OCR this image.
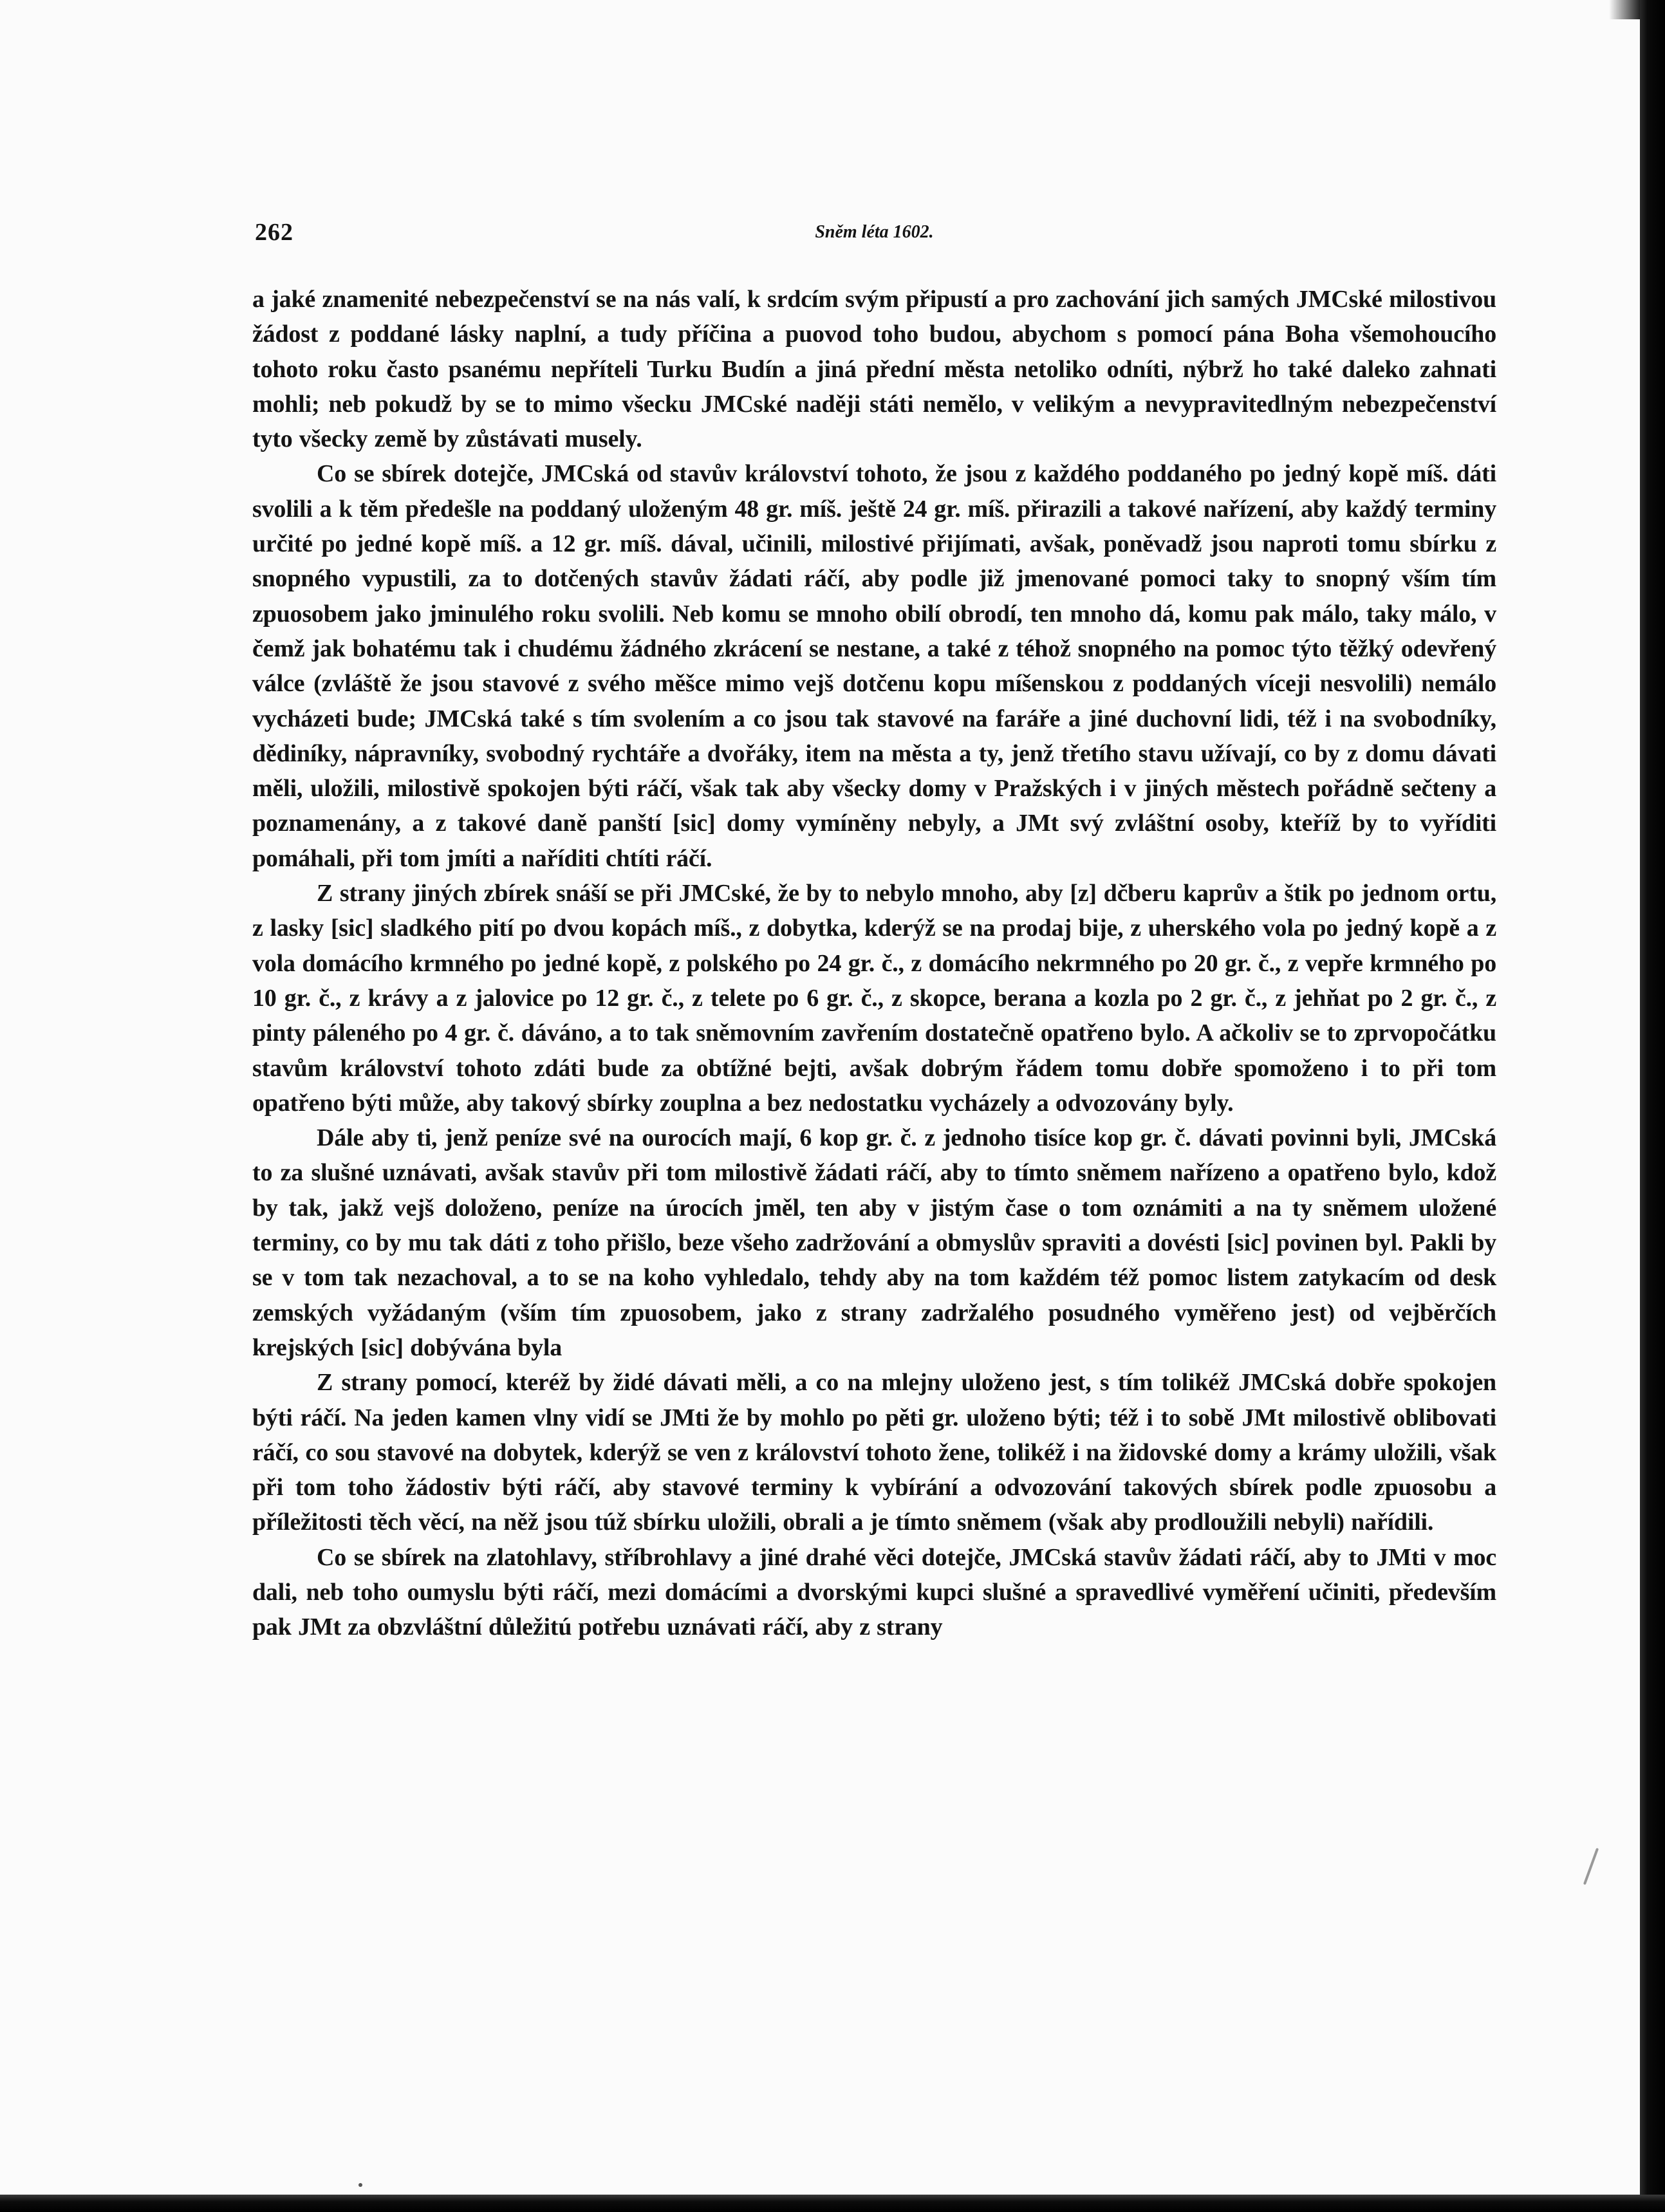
262	Sněm léta 1602.

a jaké znamenité nebezpečenství se na nás valí, k srdcím svým připustí a pro zachování jich samých JMCské milostivou žádost z poddané lásky naplní, a tudy příčina a puovod toho budou, abychom s pomocí pána Boha všemohoucího tohoto roku často psanému nepříteli Turku Budín a jiná přední města netoliko odníti, nýbrž ho také daleko zahnati mohli; neb pokudž by se to mimo všecku JMCské naději státi nemělo, v velikým a nevypravitedlným nebezpečenství tyto všecky země by zůstávati musely.

Co se sbírek dotejče, JMCská od stavův království tohoto, že jsou z každého poddaného po jedný kopě míš. dáti svolili a k těm předešle na poddaný uloženým 48 gr. míš. ještě 24 gr. míš. přirazili a takové nařízení, aby každý terminy určité po jedné kopě míš. a 12 gr. míš. dával, učinili, milostivé přijímati, avšak, poněvadž jsou naproti tomu sbírku z snopného vypustili, za to dotčených stavův žádati ráčí, aby podle již jmenované pomoci taky to snopný vším tím zpuosobem jako jminulého roku svolili. Neb komu se mnoho obilí obrodí, ten mnoho dá, komu pak málo, taky málo, v čemž jak bohatému tak i chudému žádného zkrácení se nestane, a také z téhož snopného na pomoc týto těžký odevřený válce (zvláště že jsou stavové z svého měšce mimo vejš dotčenu kopu míšenskou z poddaných víceji nesvolili) nemálo vycházeti bude; JMCská také s tím svolením a co jsou tak stavové na faráře a jiné duchovní lidi, též i na svobodníky, dědiníky, nápravníky, svobodný rychtáře a dvořáky, item na města a ty, jenž třetího stavu užívají, co by z domu dávati měli, uložili, milostivě spokojen býti ráčí, však tak aby všecky domy v Pražských i v jiných městech pořádně sečteny a poznamenány, a z takové daně panští [sic] domy vymíněny nebyly, a JMt svý zvláštní osoby, kteříž by to vyříditi pomáhali, při tom jmíti a naříditi chtíti ráčí.

Z strany jiných zbírek snáší se při JMCské, že by to nebylo mnoho, aby [z] dčberu kaprův a štik po jednom ortu, z lasky [sic] sladkého pití po dvou kopách míš., z dobytka, kderýž se na prodaj bije, z uherského vola po jedný kopě a z vola domácího krmného po jedné kopě, z polského po 24 gr. č., z domácího nekrmného po 20 gr. č., z vepře krmného po 10 gr. č., z krávy a z jalovice po 12 gr. č., z telete po 6 gr. č., z skopce, berana a kozla po 2 gr. č., z jehňat po 2 gr. č., z pinty páleného po 4 gr. č. dáváno, a to tak sněmovním zavřením dostatečně opatřeno bylo. A ačkoliv se to zprvopočátku stavům království tohoto zdáti bude za obtížné bejti, avšak dobrým řádem tomu dobře spomoženo i to při tom opatřeno býti může, aby takový sbírky zouplna a bez nedostatku vycházely a odvozovány byly.

Dále aby ti, jenž peníze své na ourocích mají, 6 kop gr. č. z jednoho tisíce kop gr. č. dávati povinni byli, JMCská to za slušné uznávati, avšak stavův při tom milostivě žádati ráčí, aby to tímto sněmem nařízeno a opatřeno bylo, kdož by tak, jakž vejš doloženo, peníze na úrocích jměl, ten aby v jistým čase o tom oznámiti a na ty sněmem uložené terminy, co by mu tak dáti z toho přišlo, beze všeho zadržování a obmyslův spraviti a dovésti [sic] povinen byl. Pakli by se v tom tak nezachoval, a to se na koho vyhledalo, tehdy aby na tom každém též pomoc listem zatykacím od desk zemských vyžádaným (vším tím zpuosobem, jako z strany zadržalého posudného vyměřeno jest) od vejběrčích krejských [sic] dobývána byla

Z strany pomocí, kteréž by židé dávati měli, a co na mlejny uloženo jest, s tím tolikéž JMCská dobře spokojen býti ráčí. Na jeden kamen vlny vidí se JMti že by mohlo po pěti gr. uloženo býti; též i to sobě JMt milostivě oblibovati ráčí, co sou stavové na dobytek, kderýž se ven z království tohoto žene, tolikéž i na židovské domy a krámy uložili, však při tom toho žádostiv býti ráčí, aby stavové terminy k vybírání a odvozování takových sbírek podle zpuosobu a příležitosti těch věcí, na něž jsou túž sbírku uložili, obrali a je tímto sněmem (však aby prodloužili nebyli) nařídili.

Co se sbírek na zlatohlavy, stříbrohlavy a jiné drahé věci dotejče, JMCská stavův žádati ráčí, aby to JMti v moc dali, neb toho oumyslu býti ráčí, mezi domácími a dvorskými kupci slušné a spravedlivé vyměření učiniti, především pak JMt za obzvláštní důležitú potřebu uznávati ráčí, aby z strany
